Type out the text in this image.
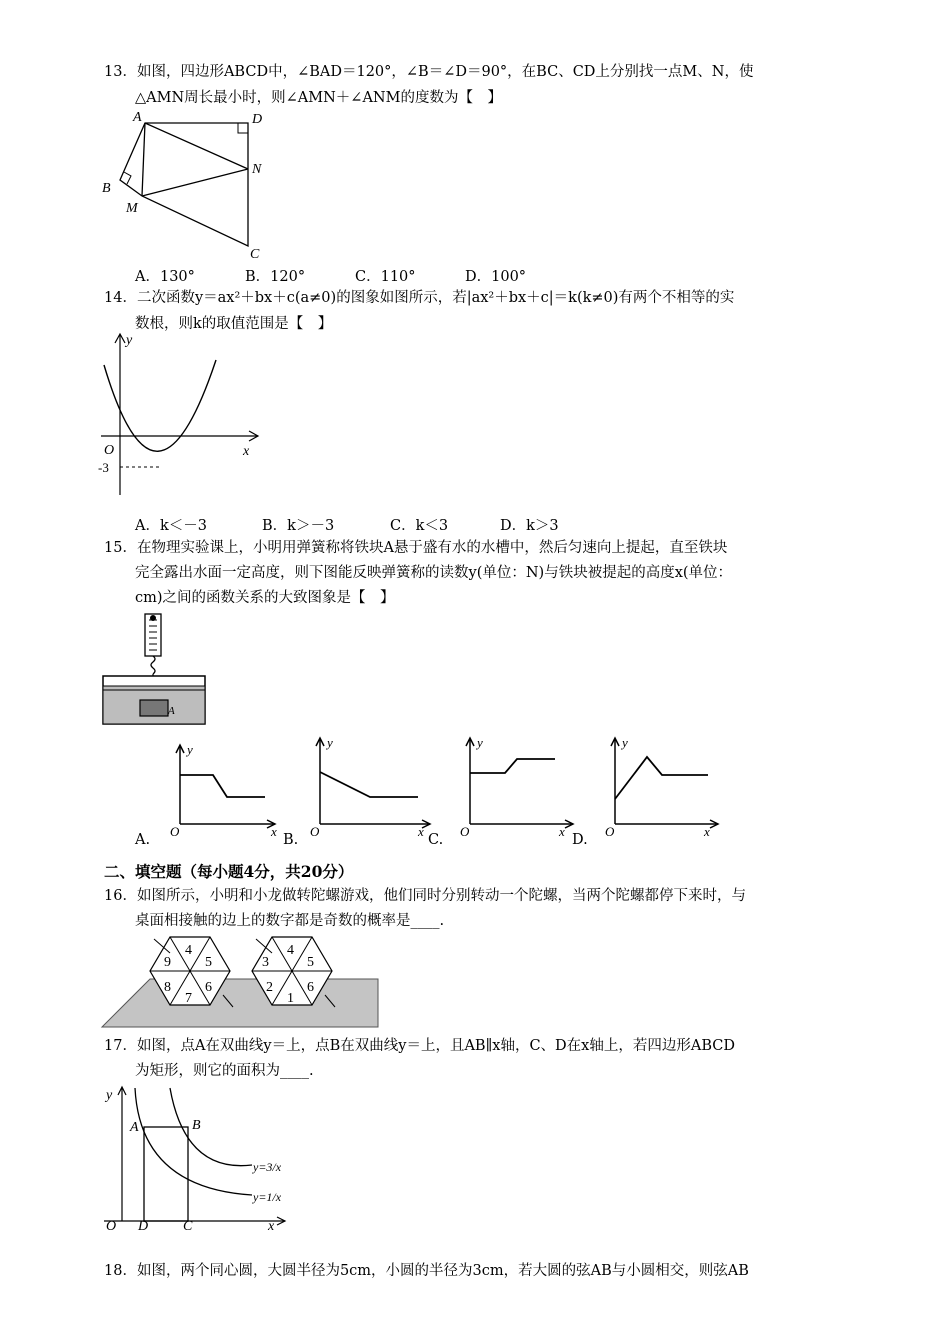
13．如图，四边形ABCD中，∠BAD＝120°，∠B＝∠D＝90°，在BC、CD上分别找一点M、N，使
△AMN周长最小时，则∠AMN＋∠ANM的度数为【　】
A	D
N
B
M
C
A．130°	B．120°	C．110°	D．100°
14．二次函数y＝ax²＋bx＋c(a≠0)的图象如图所示，若|ax²＋bx＋c|＝k(k≠0)有两个不相等的实
数根，则k的取值范围是【　】
y
O	x
-3
A．k＜－3	B．k＞－3	C．k＜3	D．k＞3
15．在物理实验课上，小明用弹簧称将铁块A悬于盛有水的水槽中，然后匀速向上提起，直至铁块
完全露出水面一定高度，则下图能反映弹簧称的读数y(单位：N)与铁块被提起的高度x(单位：
cm)之间的函数关系的大致图象是【　】
A
y
O	x
A.
y
O	x
B.
y
O	x
C.
y
O	x
D.
二、填空题（每小题4分，共20分）
16．如图所示，小明和小龙做转陀螺游戏，他们同时分别转动一个陀螺，当两个陀螺都停下来时，与
桌面相接触的边上的数字都是奇数的概率是____.
4
5
6
7
8
9
4
5
6
1
2
3
17．如图，点A在双曲线y＝上，点B在双曲线y＝上，且AB∥x轴，C、D在x轴上，若四边形ABCD
为矩形，则它的面积为____.
y
A	B
O D C	x
y=3/x
y=1/x
18．如图，两个同心圆，大圆半径为5cm，小圆的半径为3cm，若大圆的弦AB与小圆相交，则弦AB
